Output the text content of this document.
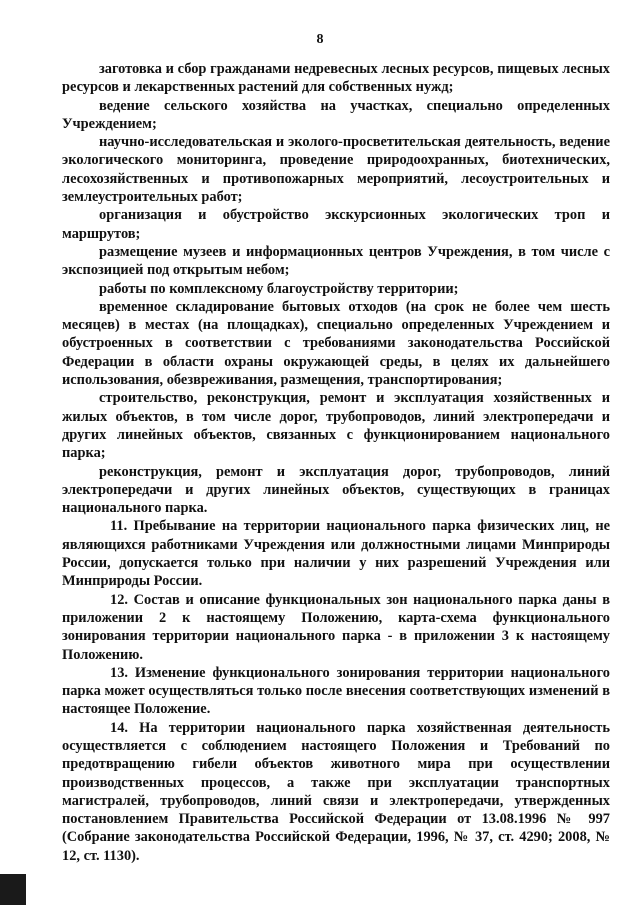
8

заготовка и сбор гражданами недревесных лесных ресурсов, пищевых лесных ресурсов и лекарственных растений для собственных нужд;

ведение сельского хозяйства на участках, специально определенных Учреждением;

научно-исследовательская и эколого-просветительская деятельность, ведение экологического мониторинга, проведение природоохранных, биотехнических, лесохозяйственных и противопожарных мероприятий, лесоустроительных и землеустроительных работ;

организация и обустройство экскурсионных экологических троп и маршрутов;

размещение музеев и информационных центров Учреждения, в том числе с экспозицией под открытым небом;

работы по комплексному благоустройству территории;

временное складирование бытовых отходов (на срок не более чем шесть месяцев) в местах (на площадках), специально определенных Учреждением и обустроенных в соответствии с требованиями законодательства Российской Федерации в области охраны окружающей среды, в целях их дальнейшего использования, обезвреживания, размещения, транспортирования;

строительство, реконструкция, ремонт и эксплуатация хозяйственных и жилых объектов, в том числе дорог, трубопроводов, линий электропередачи и других линейных объектов, связанных с функционированием национального парка;

реконструкция, ремонт и эксплуатация дорог, трубопроводов, линий электропередачи и других линейных объектов, существующих в границах национального парка.

11. Пребывание на территории национального парка физических лиц, не являющихся работниками Учреждения или должностными лицами Минприроды России, допускается только при наличии у них разрешений Учреждения или Минприроды России.

12. Состав и описание функциональных зон национального парка даны в приложении 2 к настоящему Положению, карта-схема функционального зонирования территории национального парка - в приложении 3 к настоящему Положению.

13. Изменение функционального зонирования территории национального парка может осуществляться только после внесения соответствующих изменений в настоящее Положение.

14. На территории национального парка хозяйственная деятельность осуществляется с соблюдением настоящего Положения и Требований по предотвращению гибели объектов животного мира при осуществлении производственных процессов, а также при эксплуатации транспортных магистралей, трубопроводов, линий связи и электропередачи, утвержденных постановлением Правительства Российской Федерации от 13.08.1996 № 997 (Собрание законодательства Российской Федерации, 1996, № 37, ст. 4290; 2008, № 12, ст. 1130).
